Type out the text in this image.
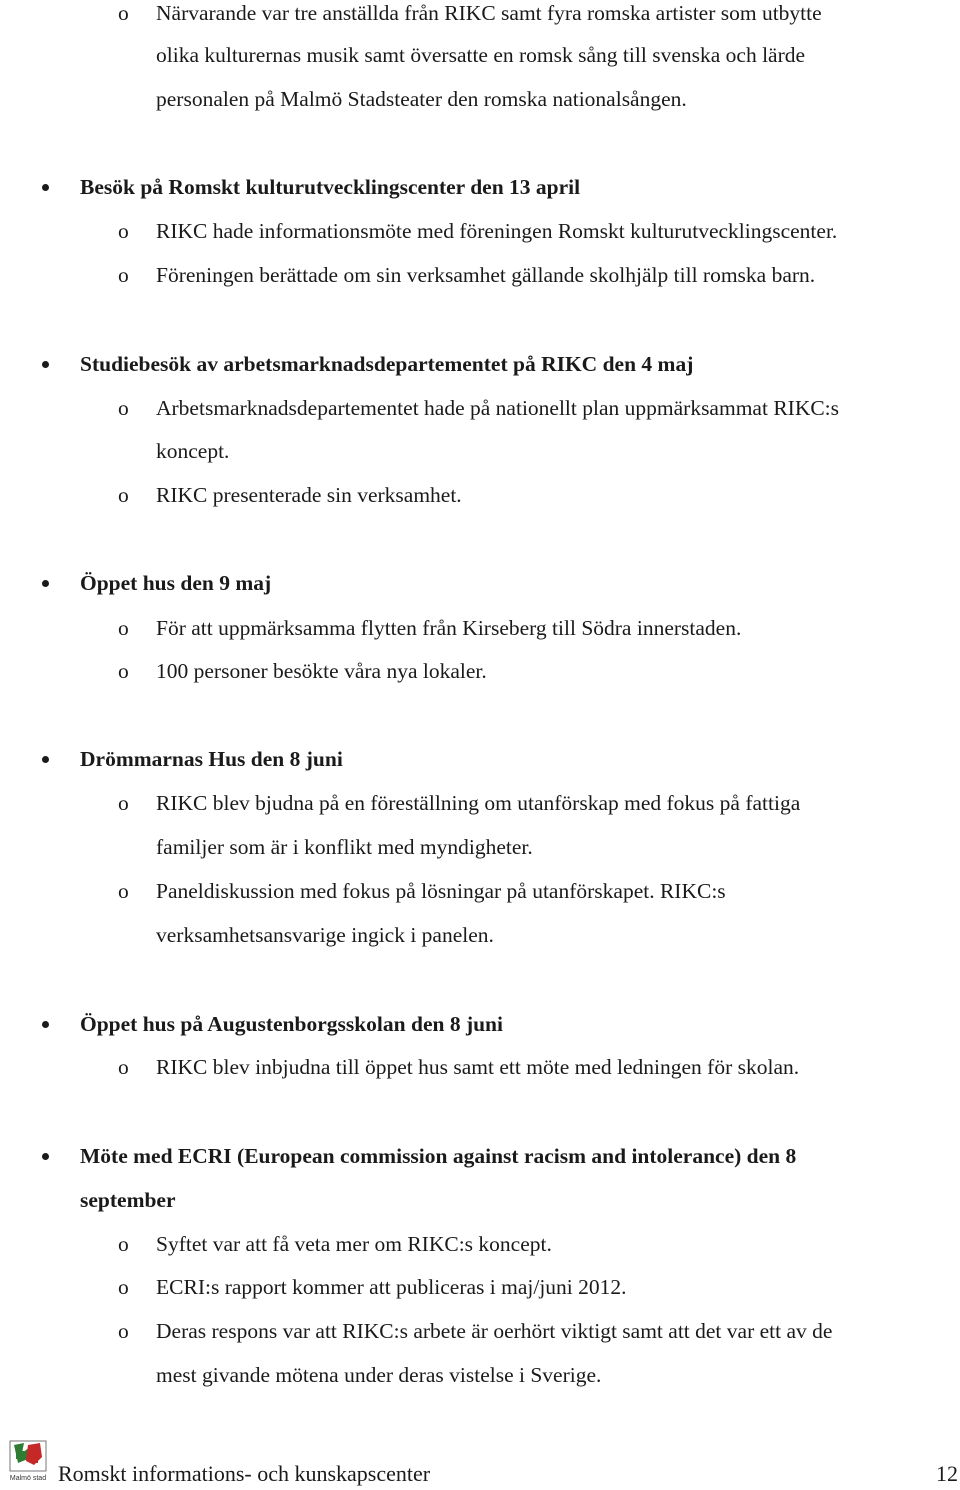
o Närvarande var tre anställda från RIKC samt fyra romska artister som utbytte
olika kulturernas musik samt översatte en romsk sång till svenska och lärde
personalen på Malmö Stadsteater den romska nationalsången.
Besök på Romskt kulturutvecklingscenter den 13 april
o RIKC hade informationsmöte med föreningen Romskt kulturutvecklingscenter.
o Föreningen berättade om sin verksamhet gällande skolhjälp till romska barn.
Studiebesök av arbetsmarknadsdepartementet på RIKC den 4 maj
o Arbetsmarknadsdepartementet hade på nationellt plan uppmärksammat RIKC:s
koncept.
o RIKC presenterade sin verksamhet.
Öppet hus den 9 maj
o För att uppmärksamma flytten från Kirseberg till Södra innerstaden.
o 100 personer besökte våra nya lokaler.
Drömmarnas Hus den 8 juni
o RIKC blev bjudna på en föreställning om utanförskap med fokus på fattiga
familjer som är i konflikt med myndigheter.
o Paneldiskussion med fokus på lösningar på utanförskapet. RIKC:s
verksamhetsansvarige ingick i panelen.
Öppet hus på Augustenborgsskolan den 8 juni
o RIKC blev inbjudna till öppet hus samt ett möte med ledningen för skolan.
Möte med ECRI (European commission against racism and intolerance) den 8
september
o Syftet var att få veta mer om RIKC:s koncept.
o ECRI:s rapport kommer att publiceras i maj/juni 2012.
o Deras respons var att RIKC:s arbete är oerhört viktigt samt att det var ett av de
mest givande mötena under deras vistelse i Sverige.
Malmö stad Romskt informations- och kunskapscenter	12
